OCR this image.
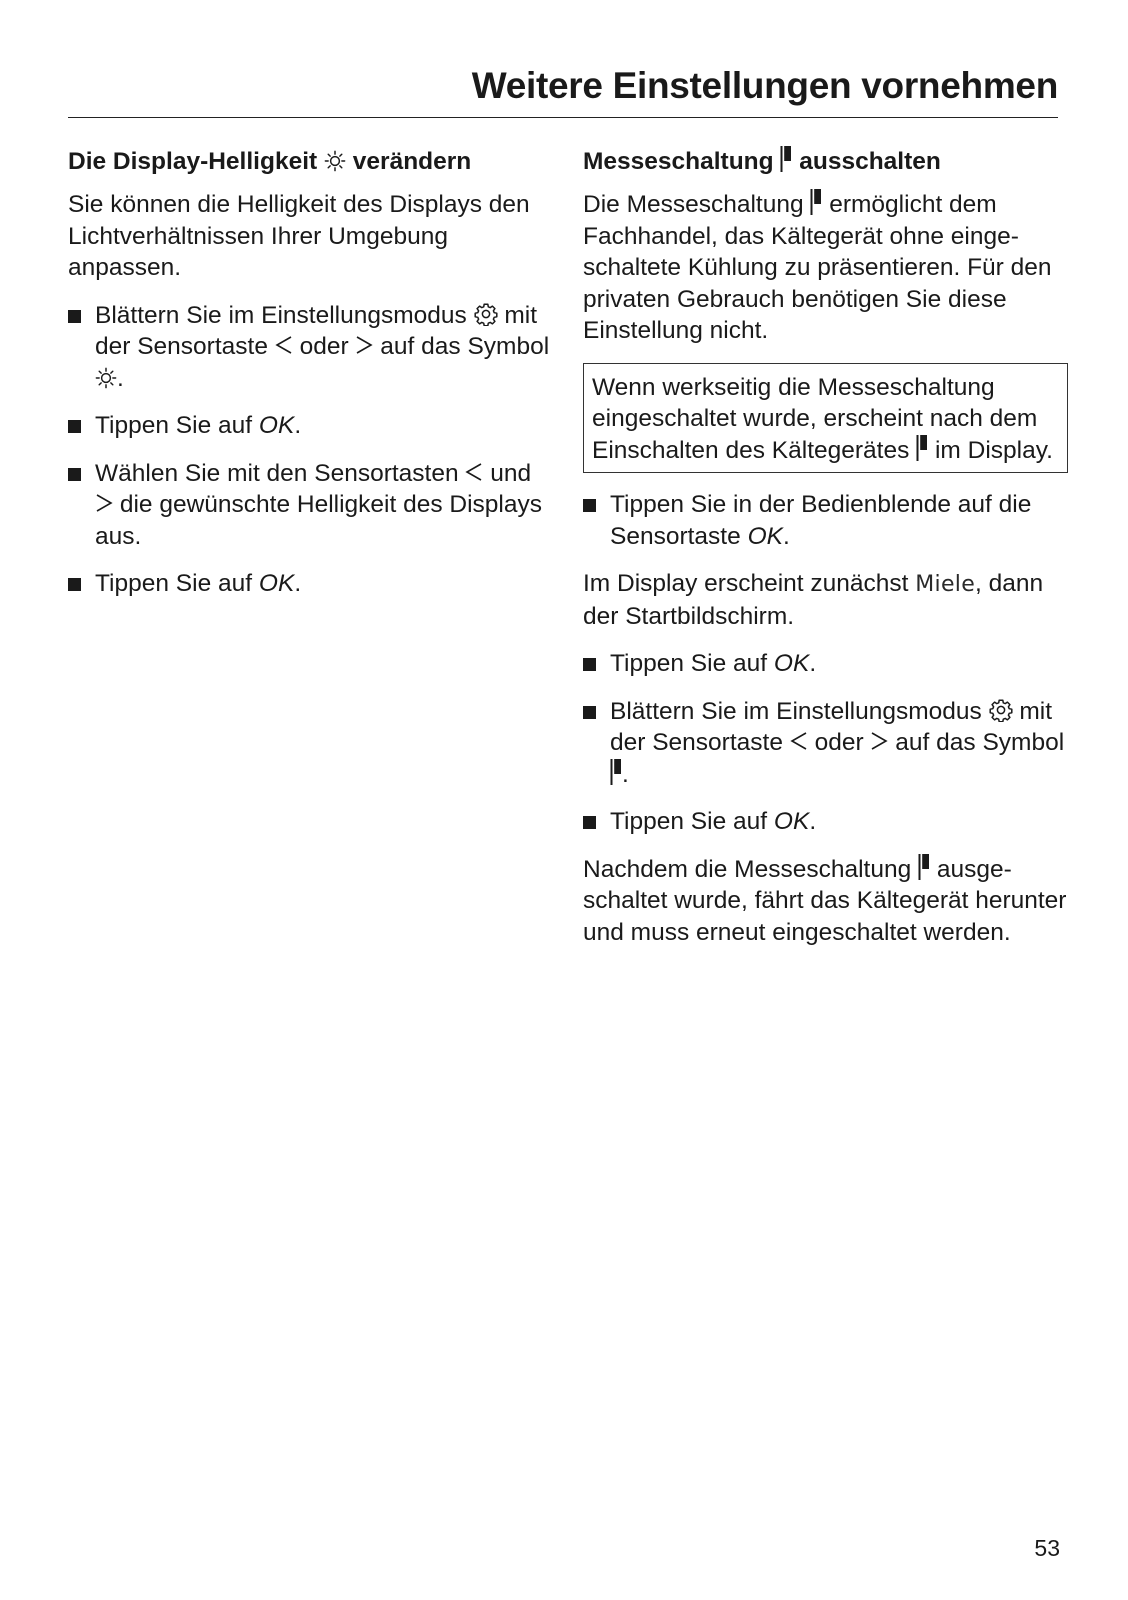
Weitere Einstellungen vornehmen
Die Display-Helligkeit verändern

Sie können die Helligkeit des Displays den Lichtverhältnissen Ihrer Umgebung anpassen.

Blättern Sie im Einstellungsmodus mit der Sensortaste oder auf das Symbol
.
Tippen Sie auf OK.
Wählen Sie mit den Sensortasten und
die gewünschte Helligkeit des Displays aus.
Tippen Sie auf OK.
Messeschaltung ausschalten

Die Messeschaltung ermöglicht dem Fachhandel, das Kältegerät ohne einge-schaltete Kühlung zu präsentieren. Für den privaten Gebrauch benötigen Sie diese Einstellung nicht.

Wenn werkseitig die Messeschaltung eingeschaltet wurde, erscheint nach dem Einschalten des Kältegerätes im Display.
Tippen Sie in der Bedienblende auf die Sensortaste OK.

Im Display erscheint zunächst Miele, dann der Startbildschirm.

Tippen Sie auf OK.
Blättern Sie im Einstellungsmodus mit der Sensortaste oder auf das Symbol
.
Tippen Sie auf OK.

Nachdem die Messeschaltung ausge-schaltet wurde, fährt das Kältegerät herunter und muss erneut eingeschaltet werden.

53
